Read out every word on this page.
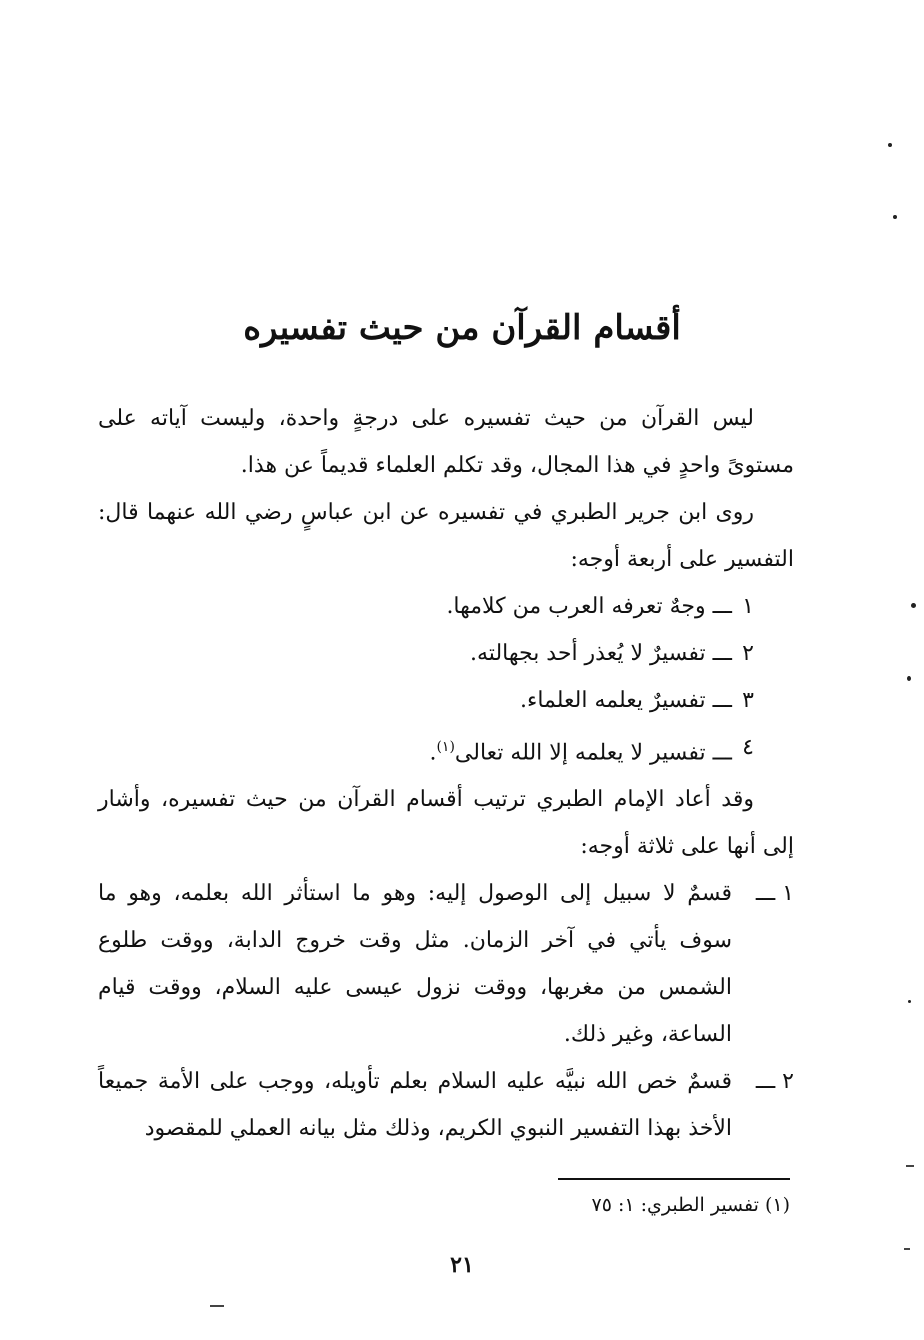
أقسام القرآن من حيث تفسيره

ليس القرآن من حيث تفسيره على درجةٍ واحدة، وليست آياته على مستوىً واحدٍ في هذا المجال، وقد تكلم العلماء قديماً عن هذا.

روى ابن جرير الطبري في تفسيره عن ابن عباسٍ رضي الله عنهما قال: التفسير على أربعة أوجه:

١
ـــ وجهٌ تعرفه العرب من كلامها.

٢
ـــ تفسيرٌ لا يُعذر أحد بجهالته.

٣
ـــ تفسيرٌ يعلمه العلماء.

٤
ـــ تفسير لا يعلمه إلا الله تعالى$^{(١)}$.

وقد أعاد الإمام الطبري ترتيب أقسام القرآن من حيث تفسيره، وأشار إلى أنها على ثلاثة أوجه:

١ ـــ
قسمٌ لا سبيل إلى الوصول إليه: وهو ما استأثر الله بعلمه، وهو ما سوف يأتي في آخر الزمان. مثل وقت خروج الدابة، ووقت طلوع الشمس من مغربها، ووقت نزول عيسى عليه السلام، ووقت قيام الساعة، وغير ذلك.

٢ ـــ
قسمٌ خص الله نبيَّه عليه السلام بعلم تأويله، ووجب على الأمة جميعاً الأخذ بهذا التفسير النبوي الكريم، وذلك مثل بيانه العملي للمقصود

(١) تفسير الطبري: ١: ٧٥
٢١
